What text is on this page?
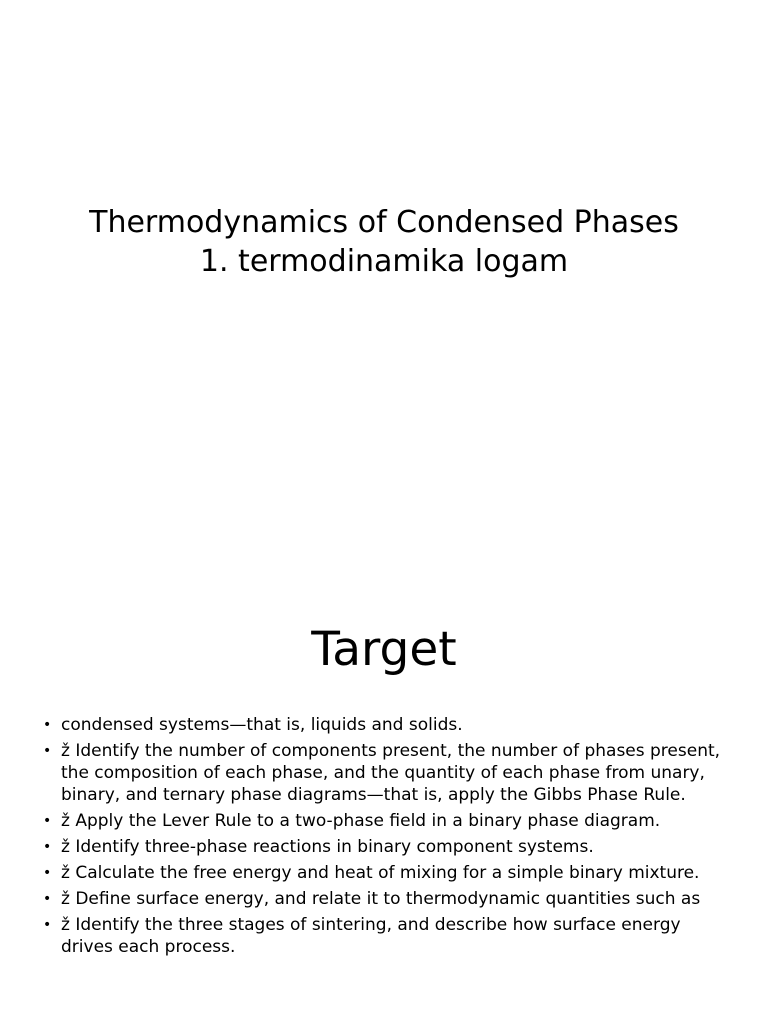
Thermodynamics of Condensed Phases
1. termodinamika logam
Target
• condensed systems—that is, liquids and solids.
• ž Identify the number of components present, the number of phases present, the composition of each phase, and the quantity of each phase from unary, binary, and ternary phase diagrams—that is, apply the Gibbs Phase Rule.
• ž Apply the Lever Rule to a two-phase field in a binary phase diagram.
• ž Identify three-phase reactions in binary component systems.
• ž Calculate the free energy and heat of mixing for a simple binary mixture.
• ž Define surface energy, and relate it to thermodynamic quantities such as
• ž Identify the three stages of sintering, and describe how surface energy drives each process.
